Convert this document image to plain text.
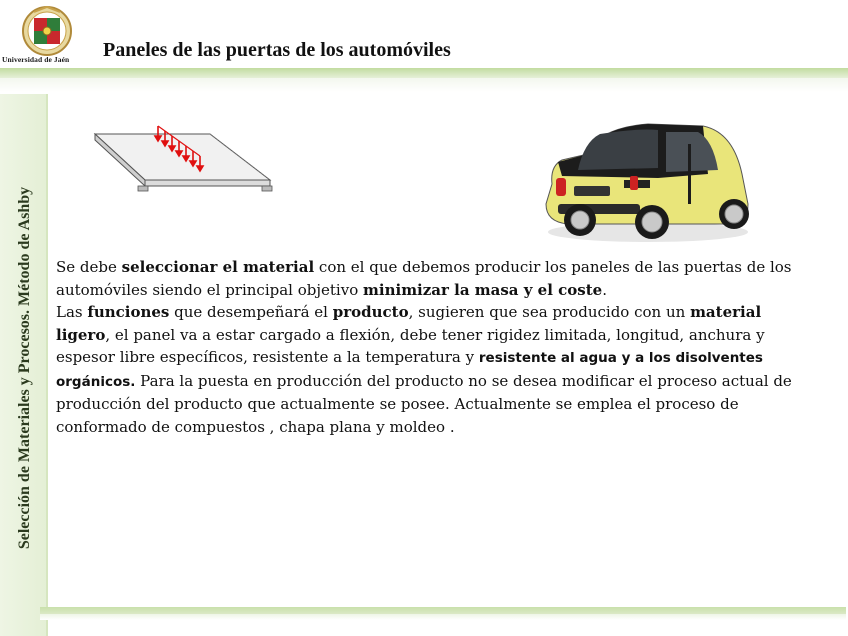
Universidad de Jaén	Paneles de las puertas de los automóviles
Selección de Materiales y Procesos. Método de Ashby Se debe seleccionar el material con el que debemos producir los paneles de las puertas de los automóviles siendo el principal objetivo minimizar la masa y el coste.

Las funciones que desempeñará el producto, sugieren que sea producido con un material ligero, el panel va a estar cargado a flexión, debe tener rigidez limitada, longitud, anchura y espesor libre específicos, resistente a la temperatura y resistente al agua y a los disolventes orgánicos. Para la puesta en producción del producto no se desea modificar el proceso actual de producción del producto que actualmente se posee. Actualmente se emplea el proceso de conformado de compuestos , chapa plana y moldeo .
